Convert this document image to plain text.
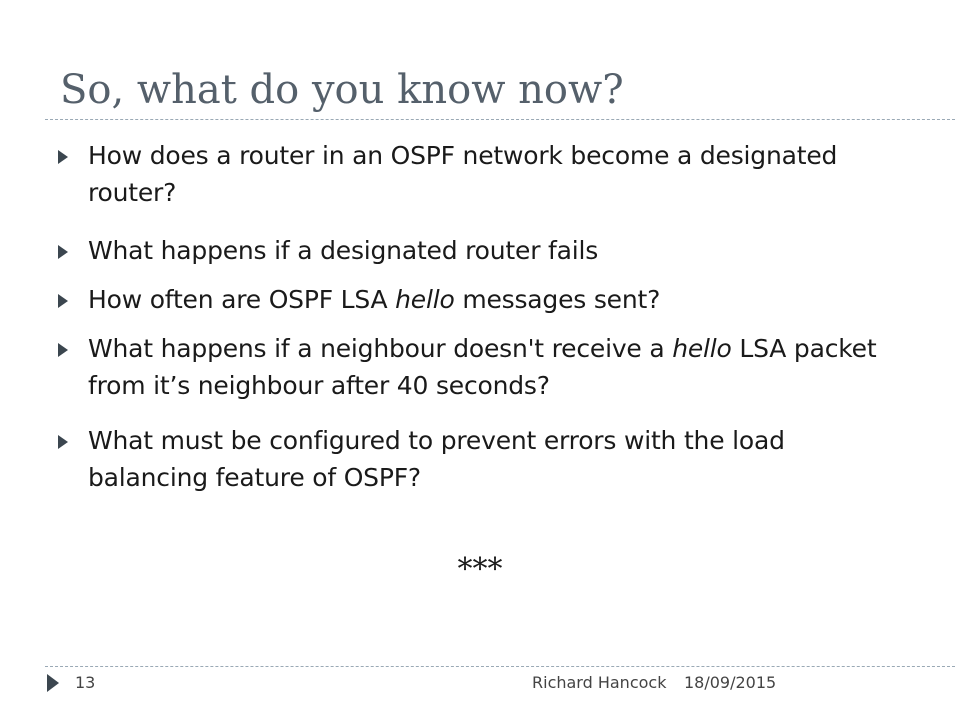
So, what do you know now?
How does a router in an OSPF network become a designated router?
What happens if a designated router fails
How often are OSPF LSA hello messages sent?
What happens if a neighbour doesn't receive a hello LSA packet from it’s neighbour after 40 seconds?
What must be configured to prevent errors with the load balancing feature of OSPF?
***
13	Richard Hancock 18/09/2015
